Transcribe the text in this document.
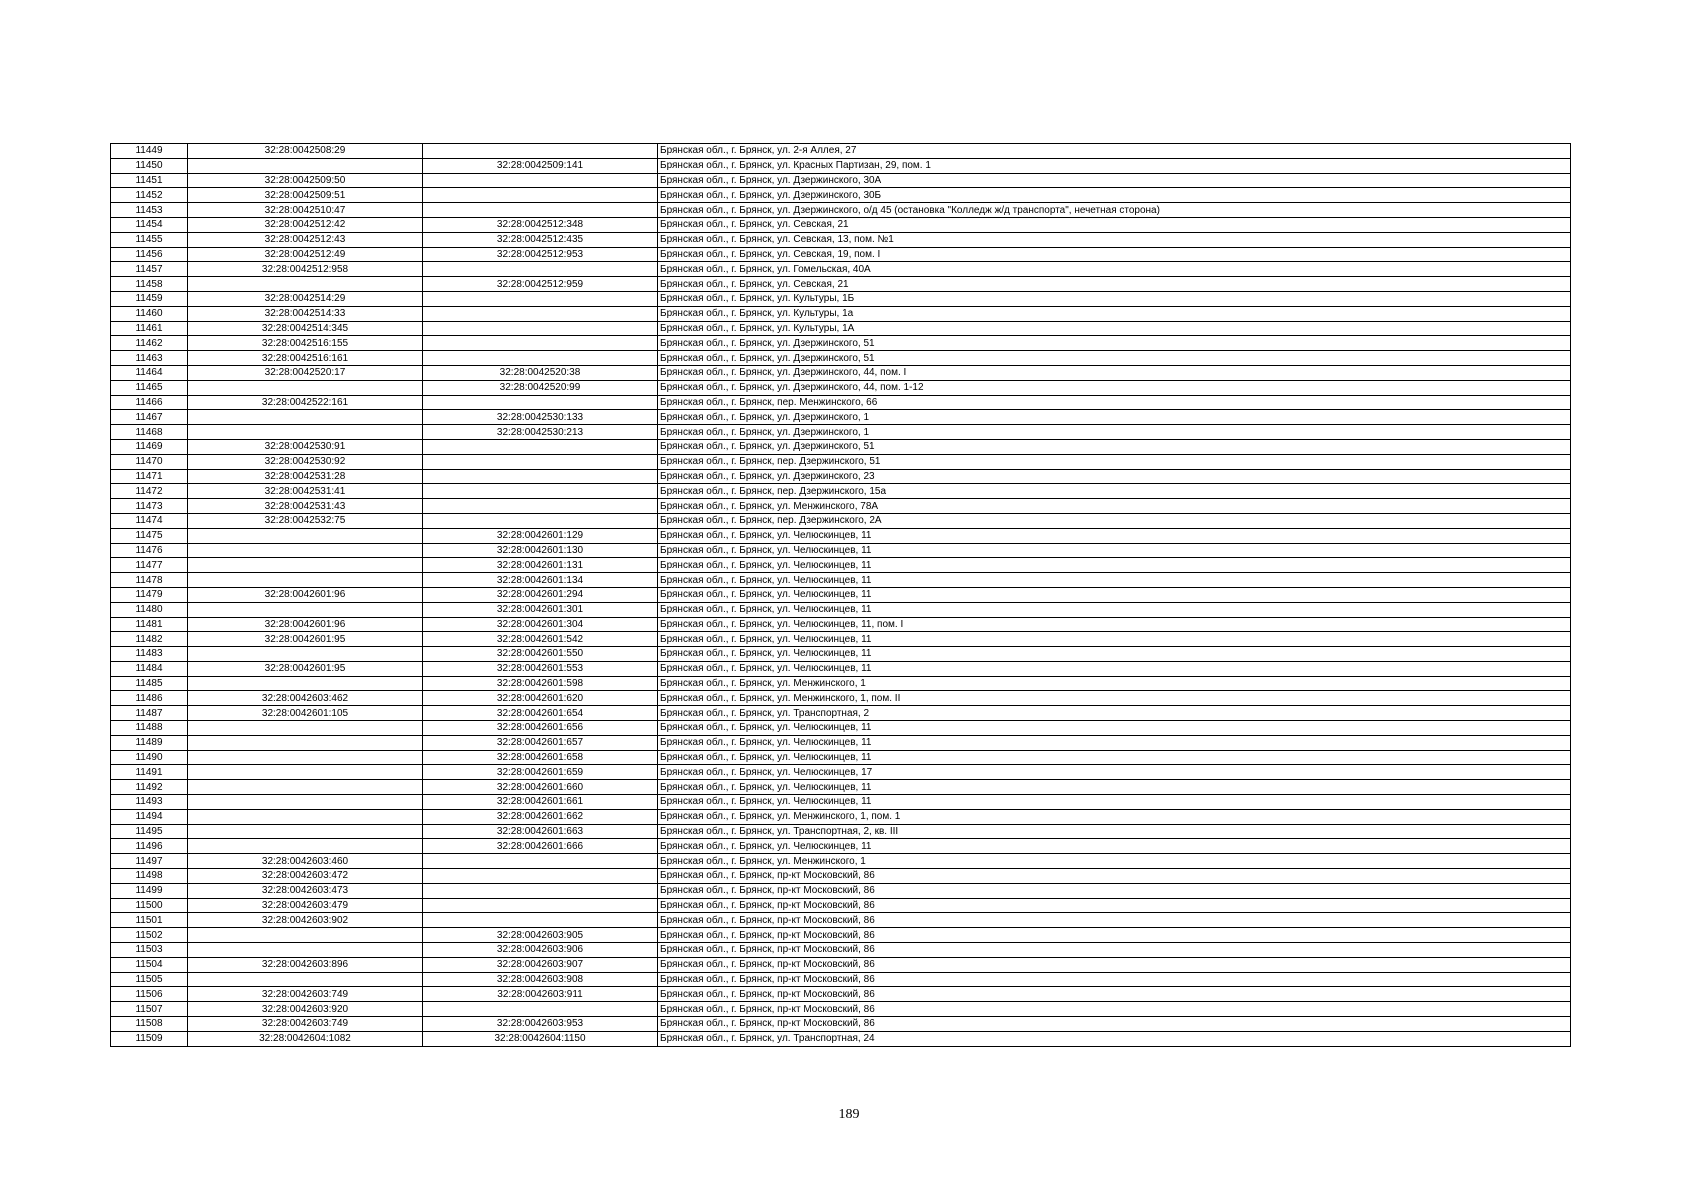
11449	32:28:0042508:29		Брянская обл., г. Брянск, ул. 2-я Аллея, 27
11450		32:28:0042509:141	Брянская обл., г. Брянск, ул. Красных Партизан, 29, пом. 1
11451	32:28:0042509:50		Брянская обл., г. Брянск, ул. Дзержинского, 30А
11452	32:28:0042509:51		Брянская обл., г. Брянск, ул. Дзержинского, 30Б
11453	32:28:0042510:47		Брянская обл., г. Брянск, ул. Дзержинского, о/д 45 (остановка "Колледж ж/д транспорта", нечетная сторона)
11454	32:28:0042512:42	32:28:0042512:348	Брянская обл., г. Брянск, ул. Севская, 21
11455	32:28:0042512:43	32:28:0042512:435	Брянская обл., г. Брянск, ул. Севская, 13, пом. №1
11456	32:28:0042512:49	32:28:0042512:953	Брянская обл., г. Брянск, ул. Севская, 19, пом. I
11457	32:28:0042512:958		Брянская обл., г. Брянск, ул. Гомельская, 40А
11458		32:28:0042512:959	Брянская обл., г. Брянск, ул. Севская, 21
11459	32:28:0042514:29		Брянская обл., г. Брянск, ул. Культуры, 1Б
11460	32:28:0042514:33		Брянская обл., г. Брянск, ул. Культуры, 1а
11461	32:28:0042514:345		Брянская обл., г. Брянск, ул. Культуры, 1А
11462	32:28:0042516:155		Брянская обл., г. Брянск, ул. Дзержинского, 51
11463	32:28:0042516:161		Брянская обл., г. Брянск, ул. Дзержинского, 51
11464	32:28:0042520:17	32:28:0042520:38	Брянская обл., г. Брянск, ул. Дзержинского, 44, пом. I
11465		32:28:0042520:99	Брянская обл., г. Брянск, ул. Дзержинского, 44, пом. 1-12
11466	32:28:0042522:161		Брянская обл., г. Брянск, пер. Менжинского, 66
11467		32:28:0042530:133	Брянская обл., г. Брянск, ул. Дзержинского, 1
11468		32:28:0042530:213	Брянская обл., г. Брянск, ул. Дзержинского, 1
11469	32:28:0042530:91		Брянская обл., г. Брянск, ул. Дзержинского, 51
11470	32:28:0042530:92		Брянская обл., г. Брянск, пер. Дзержинского, 51
11471	32:28:0042531:28		Брянская обл., г. Брянск, ул. Дзержинского, 23
11472	32:28:0042531:41		Брянская обл., г. Брянск, пер. Дзержинского, 15а
11473	32:28:0042531:43		Брянская обл., г. Брянск, ул. Менжинского, 78А
11474	32:28:0042532:75		Брянская обл., г. Брянск, пер. Дзержинского, 2А
11475		32:28:0042601:129	Брянская обл., г. Брянск, ул. Челюскинцев, 11
11476		32:28:0042601:130	Брянская обл., г. Брянск, ул. Челюскинцев, 11
11477		32:28:0042601:131	Брянская обл., г. Брянск, ул. Челюскинцев, 11
11478		32:28:0042601:134	Брянская обл., г. Брянск, ул. Челюскинцев, 11
11479	32:28:0042601:96	32:28:0042601:294	Брянская обл., г. Брянск, ул. Челюскинцев, 11
11480		32:28:0042601:301	Брянская обл., г. Брянск, ул. Челюскинцев, 11
11481	32:28:0042601:96	32:28:0042601:304	Брянская обл., г. Брянск, ул. Челюскинцев, 11, пом. I
11482	32:28:0042601:95	32:28:0042601:542	Брянская обл., г. Брянск, ул. Челюскинцев, 11
11483		32:28:0042601:550	Брянская обл., г. Брянск, ул. Челюскинцев, 11
11484	32:28:0042601:95	32:28:0042601:553	Брянская обл., г. Брянск, ул. Челюскинцев, 11
11485		32:28:0042601:598	Брянская обл., г. Брянск, ул. Менжинского, 1
11486	32:28:0042603:462	32:28:0042601:620	Брянская обл., г. Брянск, ул. Менжинского, 1, пом. II
11487	32:28:0042601:105	32:28:0042601:654	Брянская обл., г. Брянск, ул. Транспортная, 2
11488		32:28:0042601:656	Брянская обл., г. Брянск, ул. Челюскинцев, 11
11489		32:28:0042601:657	Брянская обл., г. Брянск, ул. Челюскинцев, 11
11490		32:28:0042601:658	Брянская обл., г. Брянск, ул. Челюскинцев, 11
11491		32:28:0042601:659	Брянская обл., г. Брянск, ул. Челюскинцев, 17
11492		32:28:0042601:660	Брянская обл., г. Брянск, ул. Челюскинцев, 11
11493		32:28:0042601:661	Брянская обл., г. Брянск, ул. Челюскинцев, 11
11494		32:28:0042601:662	Брянская обл., г. Брянск, ул. Менжинского, 1, пом. 1
11495		32:28:0042601:663	Брянская обл., г. Брянск, ул. Транспортная, 2, кв. III
11496		32:28:0042601:666	Брянская обл., г. Брянск, ул. Челюскинцев, 11
11497	32:28:0042603:460		Брянская обл., г. Брянск, ул. Менжинского, 1
11498	32:28:0042603:472		Брянская обл., г. Брянск, пр-кт Московский, 86
11499	32:28:0042603:473		Брянская обл., г. Брянск, пр-кт Московский, 86
11500	32:28:0042603:479		Брянская обл., г. Брянск, пр-кт Московский, 86
11501	32:28:0042603:902		Брянская обл., г. Брянск, пр-кт Московский, 86
11502		32:28:0042603:905	Брянская обл., г. Брянск, пр-кт Московский, 86
11503		32:28:0042603:906	Брянская обл., г. Брянск, пр-кт Московский, 86
11504	32:28:0042603:896	32:28:0042603:907	Брянская обл., г. Брянск, пр-кт Московский, 86
11505		32:28:0042603:908	Брянская обл., г. Брянск, пр-кт Московский, 86
11506	32:28:0042603:749	32:28:0042603:911	Брянская обл., г. Брянск, пр-кт Московский, 86
11507	32:28:0042603:920		Брянская обл., г. Брянск, пр-кт Московский, 86
11508	32:28:0042603:749	32:28:0042603:953	Брянская обл., г. Брянск, пр-кт Московский, 86
11509	32:28:0042604:1082	32:28:0042604:1150	Брянская обл., г. Брянск, ул. Транспортная, 24
189
